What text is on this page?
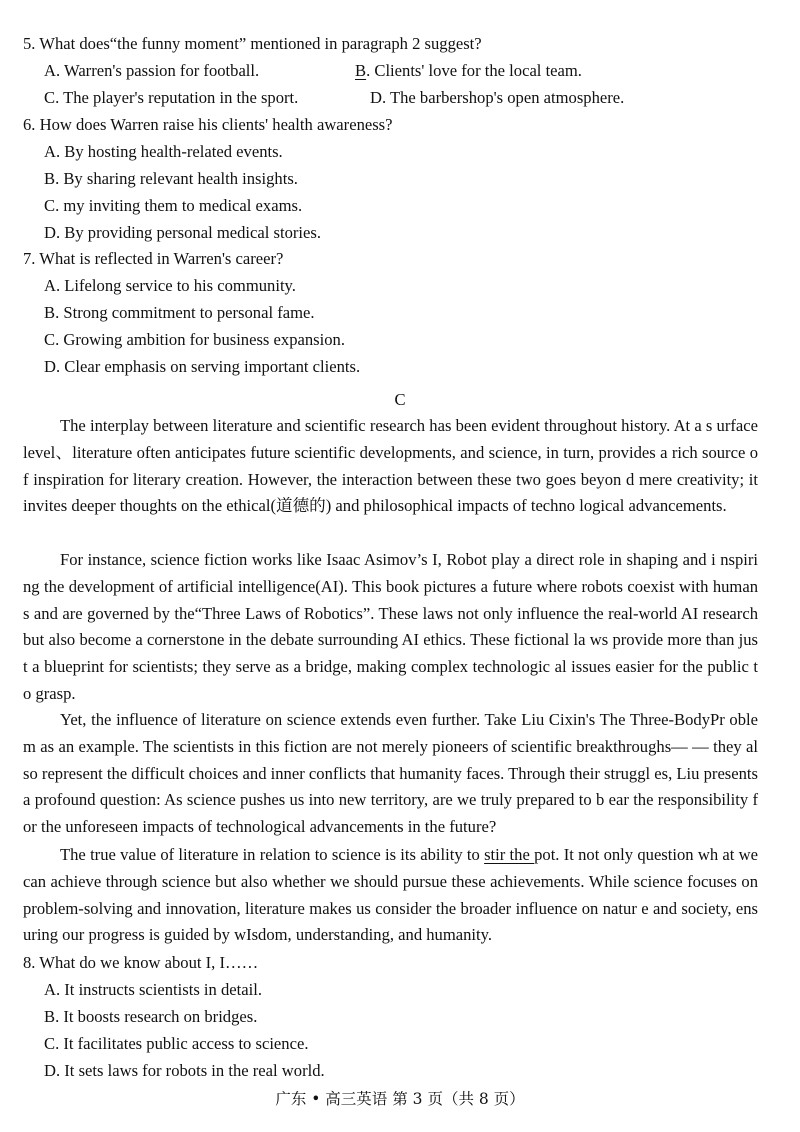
5. What does“the funny moment” mentioned in paragraph 2 suggest?
A. Warren's passion for football.	B. Clients' love for the local team.
C. The player's reputation in the sport.	D. The barbershop's open atmosphere.
6. How does Warren raise his clients' health awareness?
A. By hosting health-related events.
B. By sharing relevant health insights.
C. my inviting them to medical exams.
D. By providing personal medical stories.
7. What is reflected in Warren's career?
A. Lifelong service to his community.
B. Strong commitment to personal fame.
C. Growing ambition for business expansion.
D. Clear emphasis on serving important clients.
C
The interplay between literature and scientific research has been evident throughout history. At a s urface level、literature often anticipates future scientific developments, and science, in turn, provides a rich source of inspiration for literary creation. However, the interaction between these two goes beyon d mere creativity; it invites deeper thoughts on the ethical(道德的) and philosophical impacts of techno logical advancements.
For instance, science fiction works like Isaac Asimov’s I, Robot play a direct role in shaping and i nspiring the development of artificial intelligence(AI). This book pictures a future where robots coexist with humans and are governed by the“Three Laws of Robotics”. These laws not only influence the real-world AI research but also become a cornerstone in the debate surrounding AI ethics. These fictional la ws provide more than just a blueprint for scientists; they serve as a bridge, making complex technologic al issues easier for the public to grasp.
Yet, the influence of literature on science extends even further. Take Liu Cixin's The Three-BodyPr oblem as an example. The scientists in this fiction are not merely pioneers of scientific breakthroughs— — they also represent the difficult choices and inner conflicts that humanity faces. Through their struggl es, Liu presents a profound question: As science pushes us into new territory, are we truly prepared to b ear the responsibility for the unforeseen impacts of technological advancements in the future?
The true value of literature in relation to science is its ability to stir the pot. It not only question wh at we can achieve through science but also whether we should pursue these achievements. While science focuses on problem-solving and innovation, literature makes us consider the broader influence on natur e and society, ensuring our progress is guided by wIsdom, understanding, and humanity.
8. What do we know about I, I……
A. It instructs scientists in detail.
B. It boosts research on bridges.
C. It facilitates public access to science.
D. It sets laws for robots in the real world.
广东 • 高三英语 第 3 页（共 8 页）
